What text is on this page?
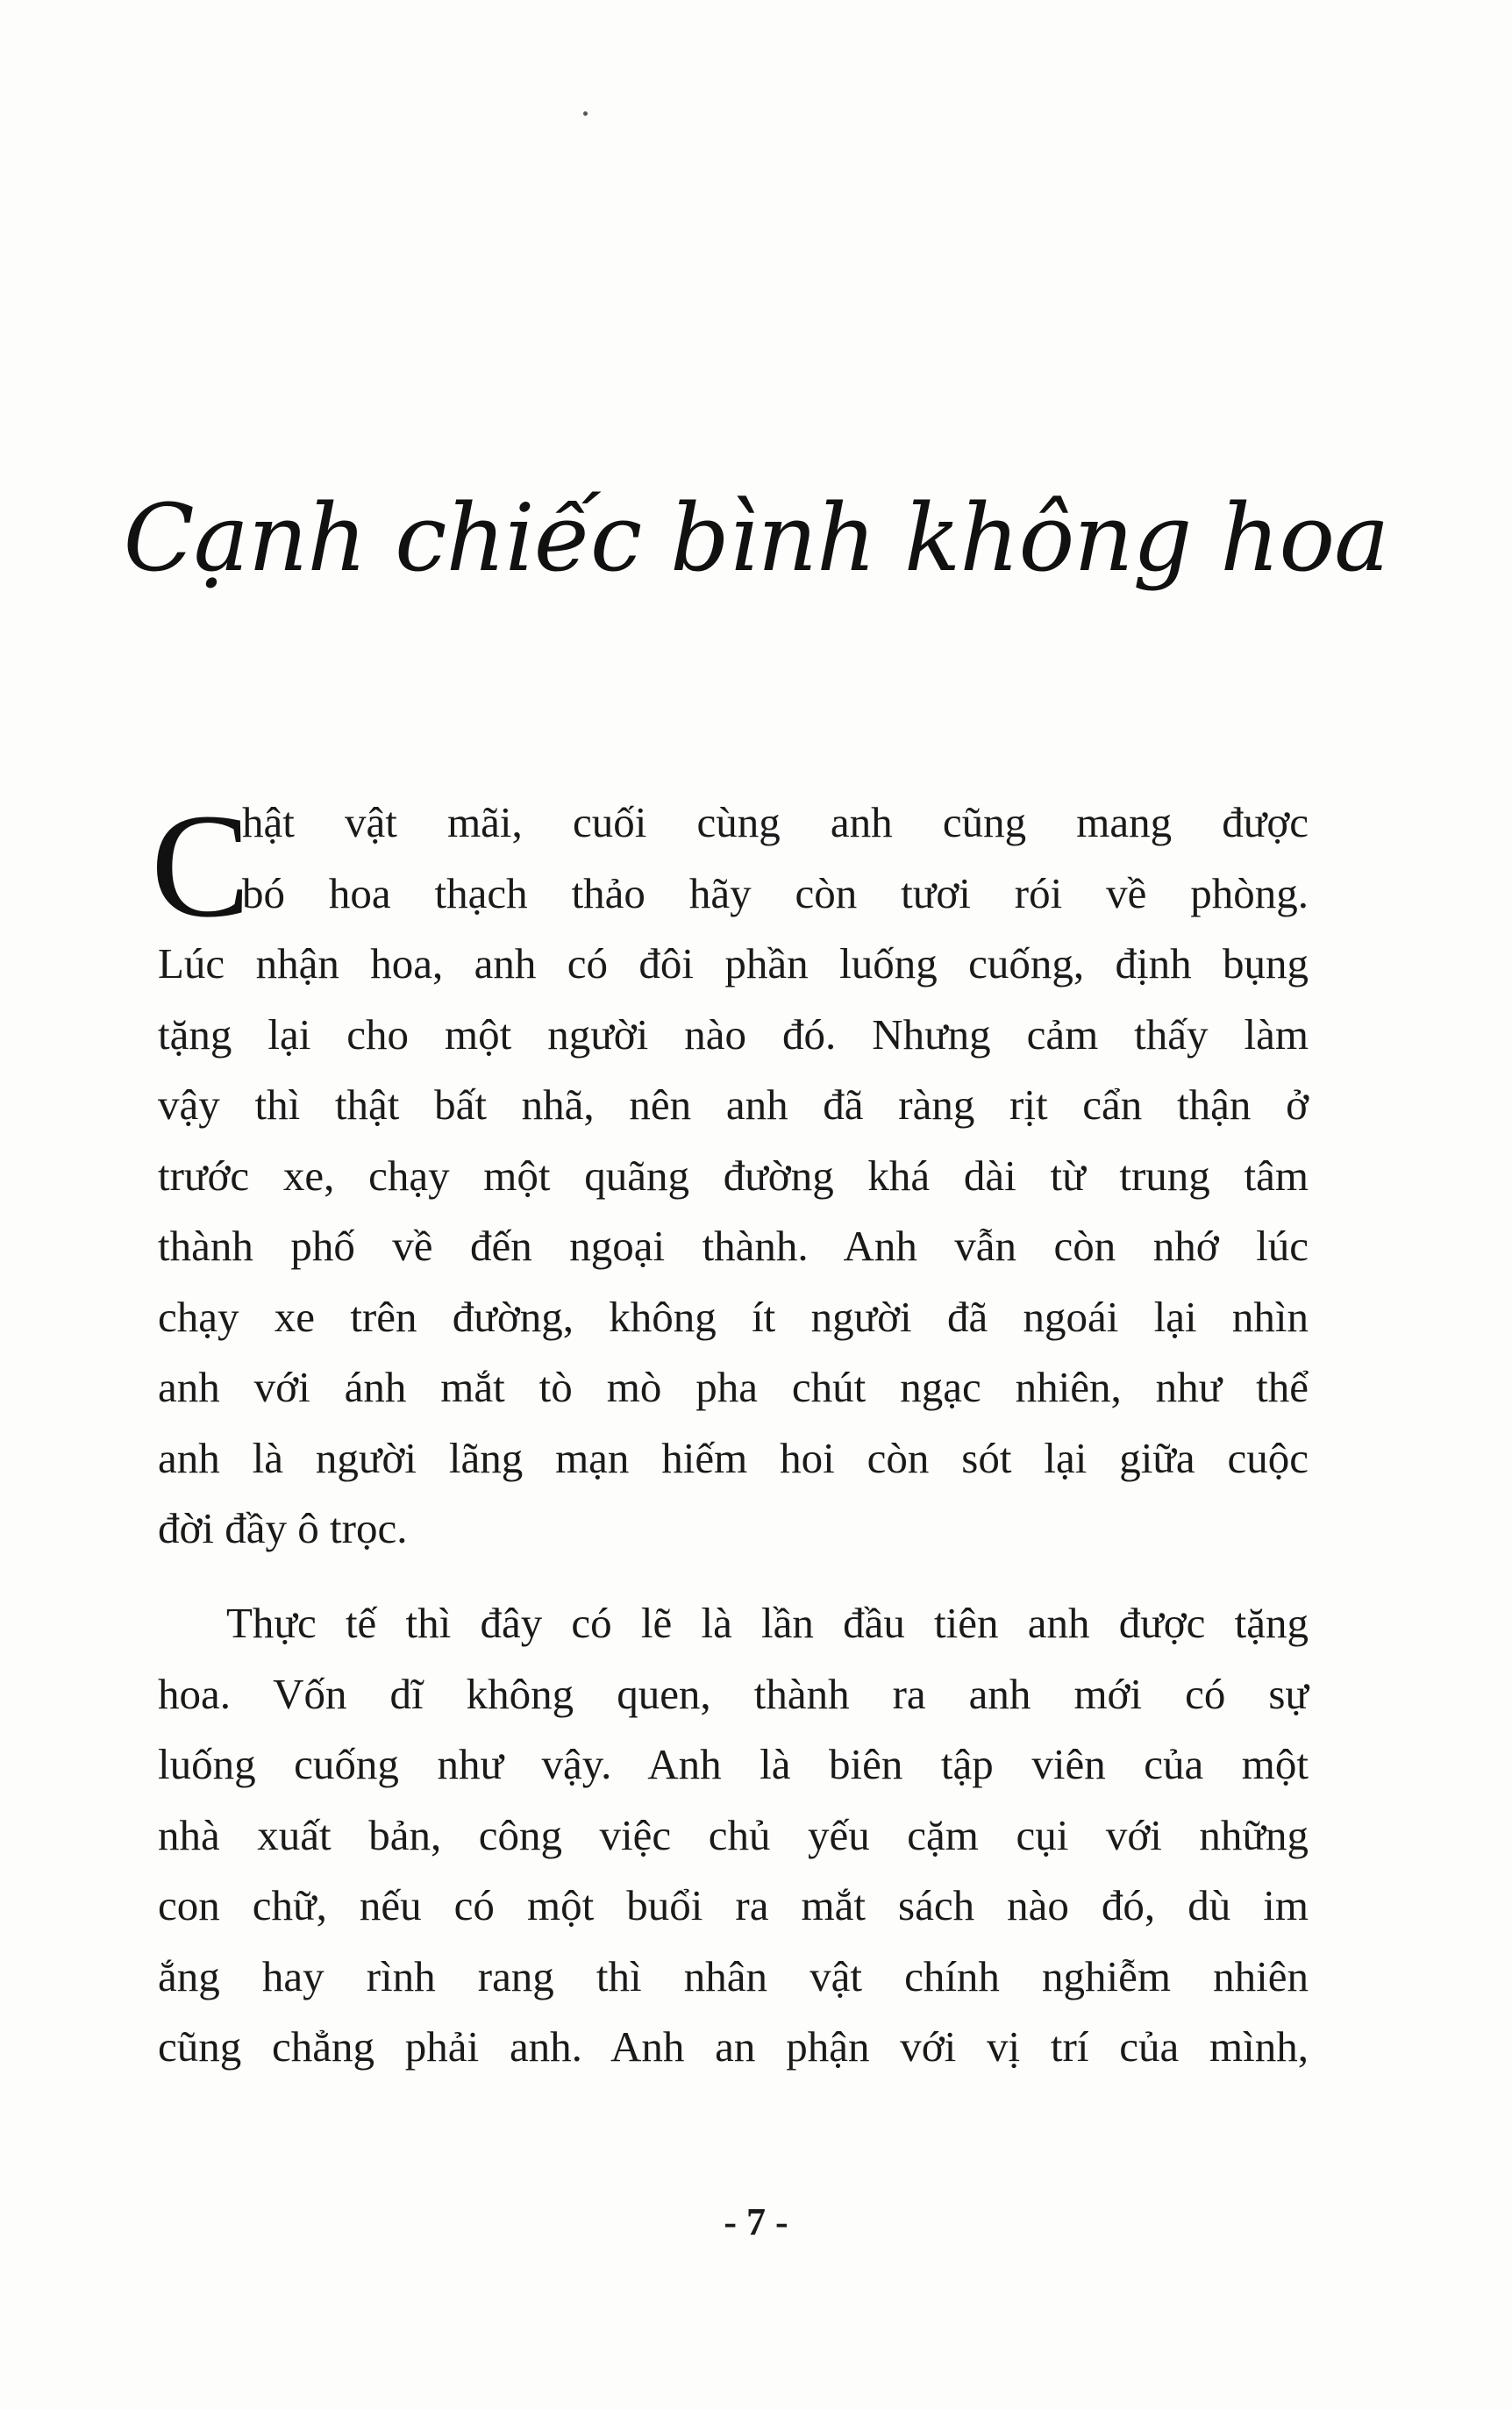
Cạnh chiếc bình không hoa
C
hật vật mãi, cuối cùng anh cũng mang được
bó hoa thạch thảo hãy còn tươi rói về phòng.
Lúc nhận hoa, anh có đôi phần luống cuống, định bụng
tặng lại cho một người nào đó. Nhưng cảm thấy làm
vậy thì thật bất nhã, nên anh đã ràng rịt cẩn thận ở
trước xe, chạy một quãng đường khá dài từ trung tâm
thành phố về đến ngoại thành. Anh vẫn còn nhớ lúc
chạy xe trên đường, không ít người đã ngoái lại nhìn
anh với ánh mắt tò mò pha chút ngạc nhiên, như thể
anh là người lãng mạn hiếm hoi còn sót lại giữa cuộc
đời đầy ô trọc.
Thực tế thì đây có lẽ là lần đầu tiên anh được tặng
hoa. Vốn dĩ không quen, thành ra anh mới có sự
luống cuống như vậy. Anh là biên tập viên của một
nhà xuất bản, công việc chủ yếu cặm cụi với những
con chữ, nếu có một buổi ra mắt sách nào đó, dù im
ắng hay rình rang thì nhân vật chính nghiễm nhiên
cũng chẳng phải anh. Anh an phận với vị trí của mình,
- 7 -
